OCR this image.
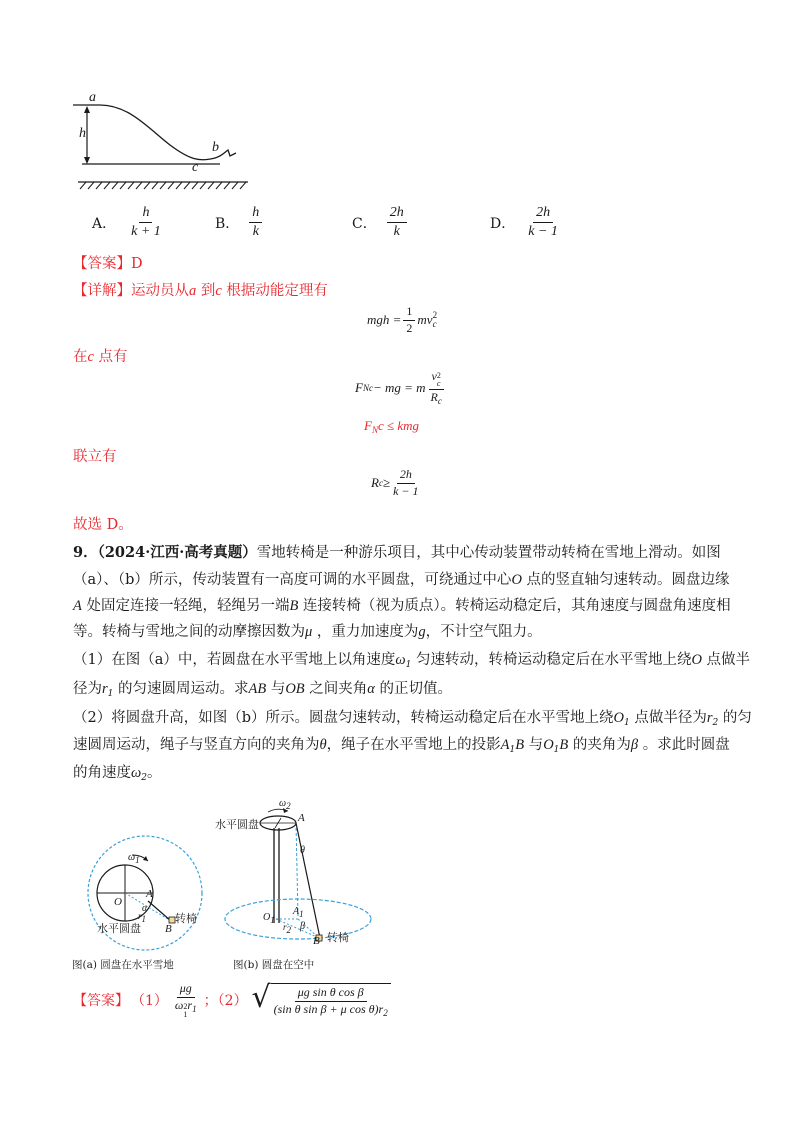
a
h
b
c
A． $\frac{h}{k + 1}$	B． $\frac{h}{k}$	C． $\frac{2h}{k}$	D． $\frac{2h}{k - 1}$
【答案】D
【详解】运动员从a 到c 根据动能定理有
mgh = $\frac{1}{2}$ mv 2
c
在c 点有
F Nc − mg = m v 2
c
$R_c$
$F_Nc$ ≤ kmg
联立有
R $c \ge \frac{2h}{k - 1}$
故选 D。
9．（2024·江西·高考真题）雪地转椅是一种游乐项目，其中心传动装置带动转椅在雪地上滑动。如图
（a）、（b）所示，传动装置有一高度可调的水平圆盘，可绕通过中心O 点的竖直轴匀速转动。圆盘边缘
A 处固定连接一轻绳，轻绳另一端B 连接转椅（视为质点）。转椅运动稳定后，其角速度与圆盘角速度相
等。转椅与雪地之间的动摩擦因数为μ ，重力加速度为g，不计空气阻力。
（1）在图（a）中，若圆盘在水平雪地上以角速度$\omega_1$ 匀速转动，转椅运动稳定后在水平雪地上绕O 点做半
径为$r_1$ 的匀速圆周运动。求AB 与OB 之间夹角α 的正切值。
（2）将圆盘升高，如图（b）所示。圆盘匀速转动，转椅运动稳定后在水平雪地上绕$O_1$ 点做半径为$r_2$ 的匀
速圆周运动，绳子与竖直方向的夹角为θ，绳子在水平雪地上的投影$A_1B$ 与$O_1B$ 的夹角为β 。求此时圆盘
的角速度$\omega_2$。
ω1
O
A
α
r1
B
转椅
水平圆盘
图(a) 圆盘在水平雪地
ω2
水平圆盘	A
θ
O1
A1
r2 β
B 转椅
图(b) 圆盘在空中
【答案】 （1） μg
ω 2
1
$r_1$ ；（2） √ $\frac{\text{μg sin θ cos β}}{(\sin \theta \sin \beta + \mu \cos \theta)r_2}$
